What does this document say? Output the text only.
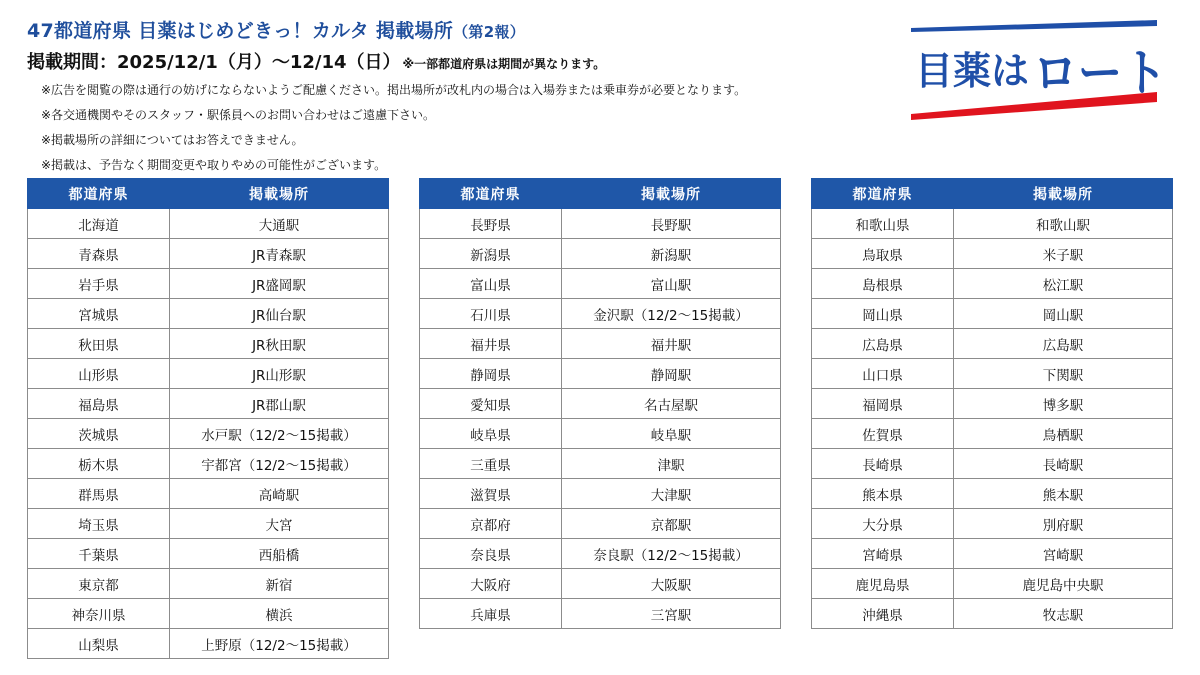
47都道府県 目薬はじめどきっ！カルタ 掲載場所（第2報）
掲載期間：2025/12/1（月）～12/14（日） ※一部都道府県は期間が異なります。
※広告を閲覧の際は通行の妨げにならないようご配慮ください。掲出場所が改札内の場合は入場券または乗車券が必要となります。
※各交通機関やそのスタッフ・駅係員へのお問い合わせはご遠慮下さい。
※掲載場所の詳細についてはお答えできません。
※掲載は、予告なく期間変更や取りやめの可能性がございます。
目薬は ロート
都道府県	掲載場所
北海道	大通駅
青森県	JR青森駅
岩手県	JR盛岡駅
宮城県	JR仙台駅
秋田県	JR秋田駅
山形県	JR山形駅
福島県	JR郡山駅
茨城県	水戸駅（12/2～15掲載）
栃木県	宇都宮（12/2～15掲載）
群馬県	高崎駅
埼玉県	大宮
千葉県	西船橋
東京都	新宿
神奈川県	横浜
山梨県	上野原（12/2～15掲載）
都道府県	掲載場所
長野県	長野駅
新潟県	新潟駅
富山県	富山駅
石川県	金沢駅（12/2～15掲載）
福井県	福井駅
静岡県	静岡駅
愛知県	名古屋駅
岐阜県	岐阜駅
三重県	津駅
滋賀県	大津駅
京都府	京都駅
奈良県	奈良駅（12/2～15掲載）
大阪府	大阪駅
兵庫県	三宮駅
都道府県	掲載場所
和歌山県	和歌山駅
鳥取県	米子駅
島根県	松江駅
岡山県	岡山駅
広島県	広島駅
山口県	下関駅
福岡県	博多駅
佐賀県	鳥栖駅
長崎県	長崎駅
熊本県	熊本駅
大分県	別府駅
宮崎県	宮崎駅
鹿児島県	鹿児島中央駅
沖縄県	牧志駅
